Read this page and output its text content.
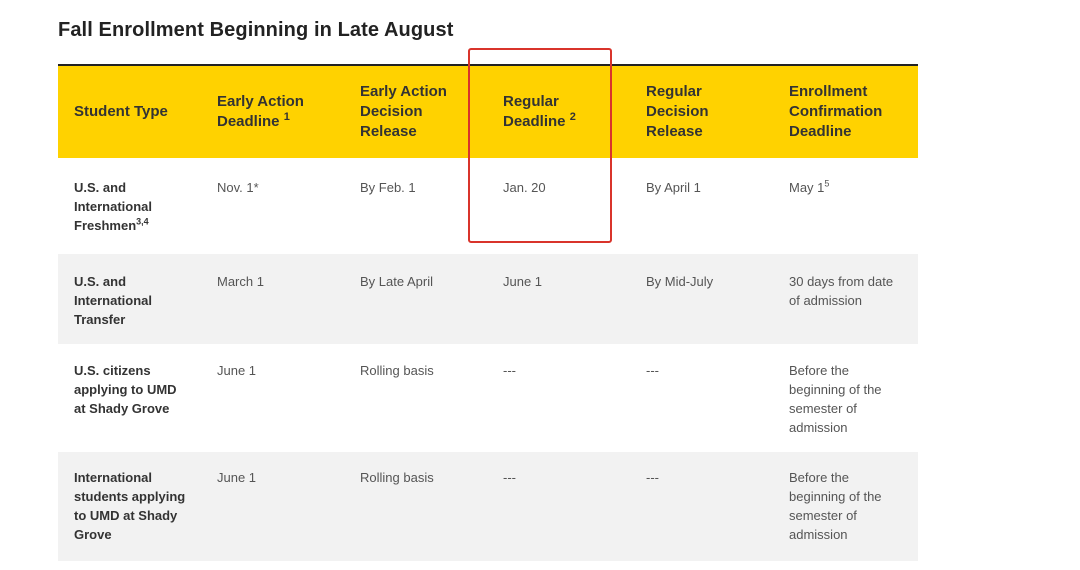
Fall Enrollment Beginning in Late August
Student Type	Early Action Deadline $^1$	Early Action Decision Release	Regular Deadline $^2$	Regular Decision Release	Enrollment Confirmation Deadline
U.S. and International Freshmen$^{3,4}$	Nov. 1*	By Feb. 1	Jan. 20	By April 1	May $1^5$
U.S. and International Transfer	March 1	By Late April	June 1	By Mid-July	30 days from date of admission
U.S. citizens applying to UMD at Shady Grove	June 1	Rolling basis	---	---	Before the beginning of the semester of admission
International students applying to UMD at Shady Grove	June 1	Rolling basis	---	---	Before the beginning of the semester of admission
